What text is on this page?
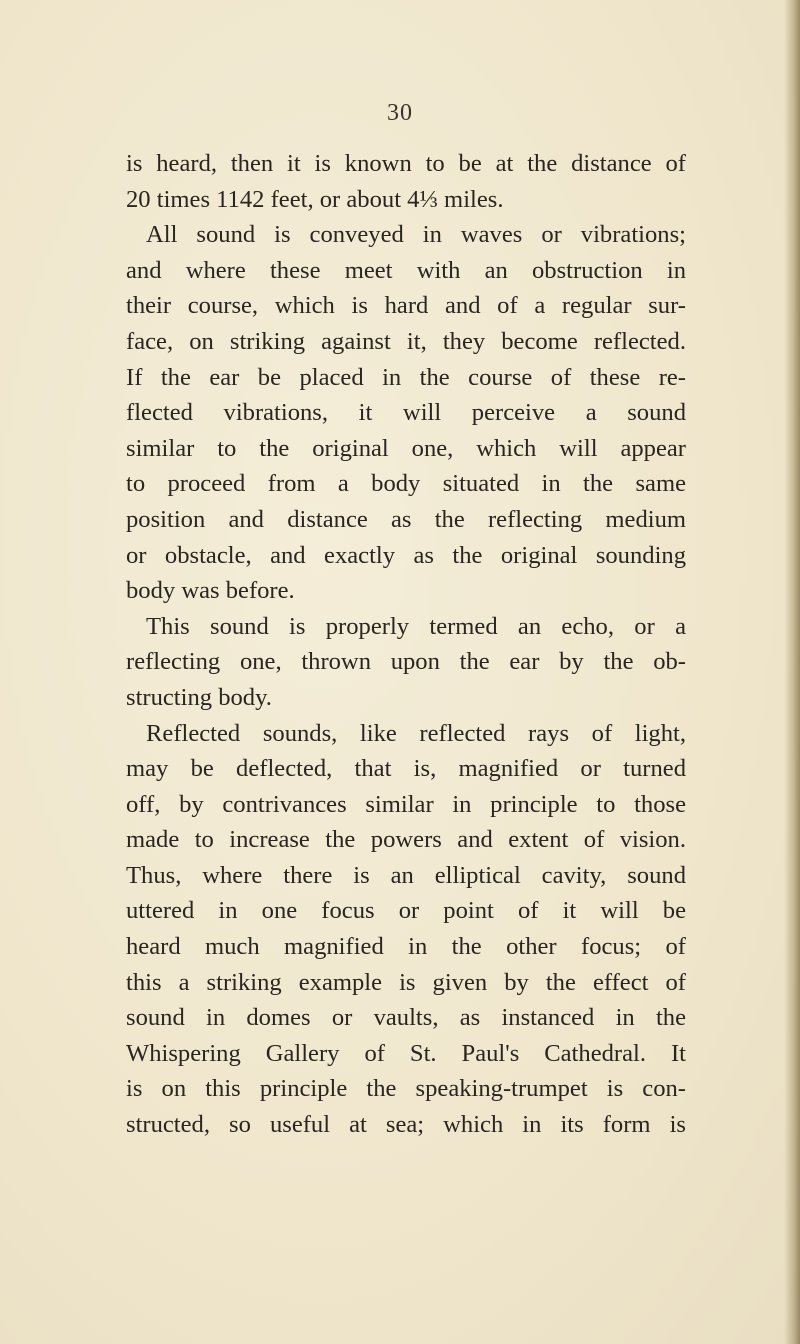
30
is heard, then it is known to be at the distance of
20 times 1142 feet, or about 4⅓ miles.
All sound is conveyed in waves or vibrations;
and where these meet with an obstruction in
their course, which is hard and of a regular sur-
face, on striking against it, they become reflected.
If the ear be placed in the course of these re-
flected vibrations, it will perceive a sound
similar to the original one, which will appear
to proceed from a body situated in the same
position and distance as the reflecting medium
or obstacle, and exactly as the original sounding
body was before.
This sound is properly termed an echo, or a
reflecting one, thrown upon the ear by the ob-
structing body.
Reflected sounds, like reflected rays of light,
may be deflected, that is, magnified or turned
off, by contrivances similar in principle to those
made to increase the powers and extent of vision.
Thus, where there is an elliptical cavity, sound
uttered in one focus or point of it will be
heard much magnified in the other focus; of
this a striking example is given by the effect of
sound in domes or vaults, as instanced in the
Whispering Gallery of St. Paul's Cathedral. It
is on this principle the speaking-trumpet is con-
structed, so useful at sea; which in its form is
